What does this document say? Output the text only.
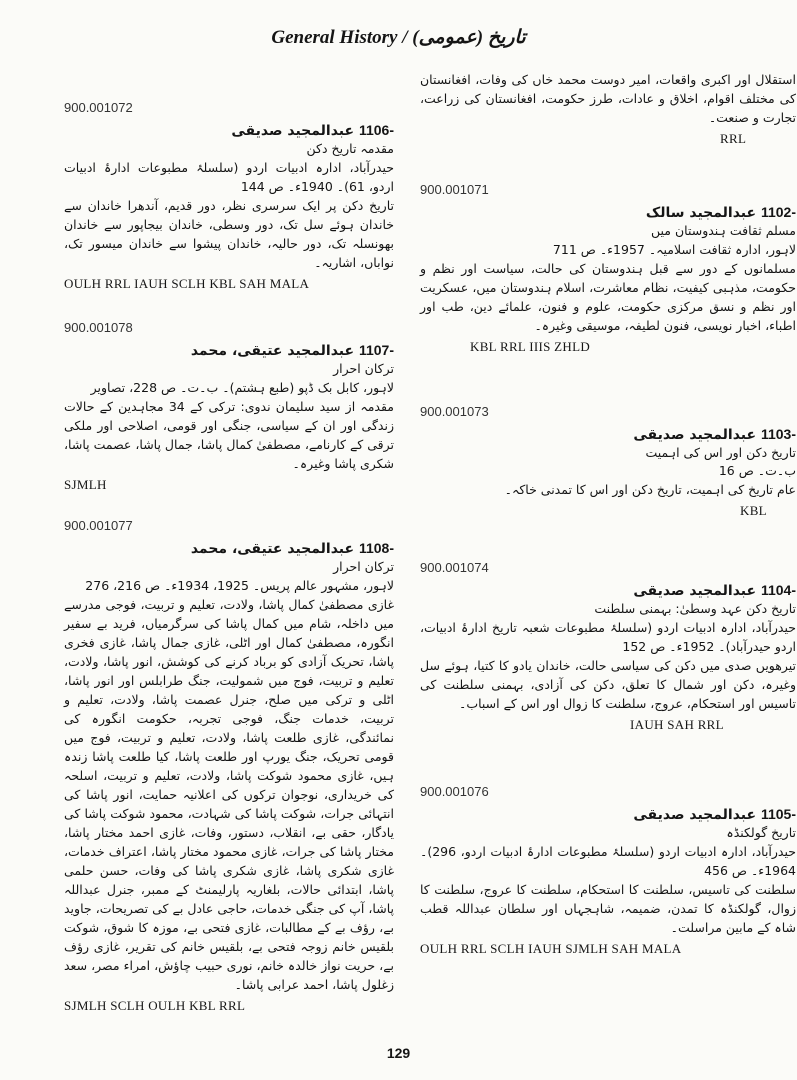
General History / تاریخ (عمومی)
900.001072
1106- عبدالمجید صدیقی
مقدمہ تاریخ دکن
حیدرآباد، ادارہ ادبیات اردو (سلسلۂ مطبوعات ادارۂ ادبیات اردو، 61)۔ 1940ء۔ ص 144
تاریخ دکن پر ایک سرسری نظر، دور قدیم، آندھرا خاندان سے خاندان ہوئے سل تک، دور وسطی، خاندان بیجاپور سے خاندان بھونسلہ تک، دور حالیہ، خاندان پیشوا سے خاندان میسور تک، نواباں، اشاریہ۔
OULH RRL IAUH SCLH KBL SAH MALA
900.001078
1107- عبدالمجید عتیقی، محمد
ترکان احرار
لاہور، کابل بک ڈپو (طبع ہشتم)۔ ب۔ت۔ ص 228، تصاویر
مقدمہ از سید سلیمان ندوی: ترکی کے 34 مجاہدین کے حالات زندگی اور ان کے سیاسی، جنگی اور قومی، اصلاحی اور ملکی ترقی کے کارنامے، مصطفیٰ کمال پاشا، جمال پاشا، عصمت پاشا، شکری پاشا وغیرہ۔
SJMLH
900.001077
1108- عبدالمجید عتیقی، محمد
ترکان احرار
لاہور، مشہور عالم پریس۔ 1925، 1934ء۔ ص 216، 276
غازی مصطفیٰ کمال پاشا، ولادت، تعلیم و تربیت، فوجی مدرسے میں داخلہ، شام میں کمال پاشا کی سرگرمیاں، فرید بے سفیر انگورہ، مصطفیٰ کمال اور اٹلی، غازی جمال پاشا، غازی فخری پاشا، تحریک آزادی کو برباد کرنے کی کوشش، انور پاشا، ولادت، تعلیم و تربیت، فوج میں شمولیت، جنگ طرابلس اور انور پاشا، اٹلی و ترکی میں صلح، جنرل عصمت پاشا، ولادت، تعلیم و تربیت، خدمات جنگ، فوجی تجربہ، حکومت انگورہ کی نمائندگی، غازی طلعت پاشا، ولادت، تعلیم و تربیت، فوج میں قومی تحریک، جنگ یورپ اور طلعت پاشا، کیا طلعت پاشا زندہ ہیں، غازی محمود شوکت پاشا، ولادت، تعلیم و تربیت، اسلحہ کی خریداری، نوجوان ترکوں کی اعلانیہ حمایت، انور پاشا کی انتہائی جرات، شوکت پاشا کی شہادت، محمود شوکت پاشا کی یادگار، حقی بے، انقلاب، دستور، وفات، غازی احمد مختار پاشا، مختار پاشا کی جرات، غازی محمود مختار پاشا، اعتراف خدمات، غازی شکری پاشا، غازی شکری پاشا کی وفات، حسن حلمی پاشا، ابتدائی حالات، بلغاریہ پارلیمنٹ کے ممبر، جنرل عبداللہ پاشا، آپ کی جنگی خدمات، حاجی عادل بے کی تصریحات، جاوید بے، رؤف بے کے مطالبات، غازی فتحی بے، موزہ کا شوق، شوکت بلقیس خانم زوجہ فتحی بے، بلقیس خانم کی تقریر، غازی رؤف بے، حریت نواز خالدہ خانم، نوری حبیب چاؤش، امراء مصر، سعد زغلول پاشا، احمد عرابی پاشا۔
SJMLH SCLH OULH KBL RRL
استقلال اور اکبری واقعات، امیر دوست محمد خاں کی وفات، افغانستان کی مختلف اقوام، اخلاق و عادات، طرز حکومت، افغانستان کی زراعت، تجارت و صنعت۔
RRL
900.001071
1102- عبدالمجید سالک
مسلم ثقافت ہندوستان میں
لاہور، ادارہ ثقافت اسلامیہ۔ 1957ء۔ ص 711
مسلمانوں کے دور سے قبل ہندوستان کی حالت، سیاست اور نظم و حکومت، مذہبی کیفیت، نظام معاشرت، اسلام ہندوستان میں، عسکریت اور نظم و نسق مرکزی حکومت، علوم و فنون، علمائے دین، طب اور اطباء، اخبار نویسی، فنون لطیفہ، موسیقی وغیرہ۔
KBL RRL IIIS ZHLD
900.001073
1103- عبدالمجید صدیقی
تاریخ دکن اور اس کی اہمیت
ب۔ت۔ ص 16
عام تاریخ کی اہمیت، تاریخ دکن اور اس کا تمدنی خاکہ۔
KBL
900.001074
1104- عبدالمجید صدیقی
تاریخ دکن عہد وسطیٰ: بہمنی سلطنت
حیدرآباد، ادارہ ادبیات اردو (سلسلۂ مطبوعات شعبہ تاریخ ادارۂ ادبیات، اردو حیدرآباد)۔ 1952ء۔ ص 152
تیرھویں صدی میں دکن کی سیاسی حالت، خاندان یادو کا کتیا، ہوئے سل وغیرہ، دکن اور شمال کا تعلق، دکن کی آزادی، بہمنی سلطنت کی تاسیس اور استحکام، عروج، سلطنت کا زوال اور اس کے اسباب۔
IAUH SAH RRL
900.001076
1105- عبدالمجید صدیقی
تاریخ گولکنڈہ
حیدرآباد، ادارہ ادبیات اردو (سلسلۂ مطبوعات ادارۂ ادبیات اردو، 296)۔ 1964ء۔ ص 456
سلطنت کی تاسیس، سلطنت کا استحکام، سلطنت کا عروج، سلطنت کا زوال، گولکنڈہ کا تمدن، ضمیمہ، شاہجہاں اور سلطان عبداللہ قطب شاہ کے مابین مراسلت۔
OULH RRL SCLH IAUH SJMLH SAH MALA
129
